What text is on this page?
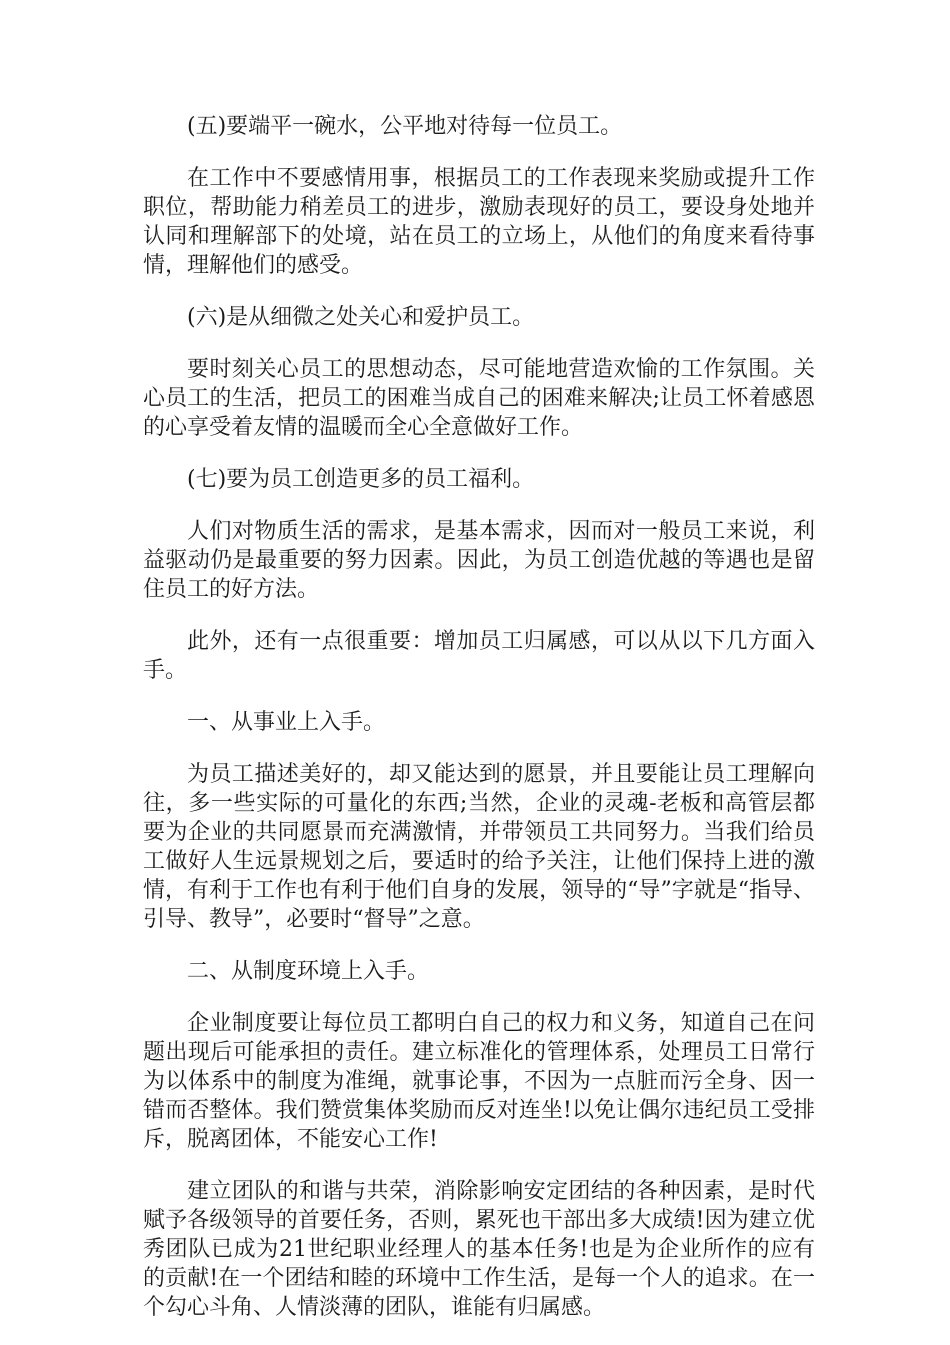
(五)要端平一碗水，公平地对待每一位员工。

在工作中不要感情用事，根据员工的工作表现来奖励或提升工作职位，帮助能力稍差员工的进步，激励表现好的员工，要设身处地并认同和理解部下的处境，站在员工的立场上，从他们的角度来看待事情，理解他们的感受。

(六)是从细微之处关心和爱护员工。

要时刻关心员工的思想动态，尽可能地营造欢愉的工作氛围。关心员工的生活，把员工的困难当成自己的困难来解决;让员工怀着感恩的心享受着友情的温暖而全心全意做好工作。

(七)要为员工创造更多的员工福利。

人们对物质生活的需求，是基本需求，因而对一般员工来说，利益驱动仍是最重要的努力因素。因此，为员工创造优越的等遇也是留住员工的好方法。

此外，还有一点很重要：增加员工归属感，可以从以下几方面入手。

一、从事业上入手。

为员工描述美好的，却又能达到的愿景，并且要能让员工理解向往，多一些实际的可量化的东西;当然，企业的灵魂-老板和高管层都要为企业的共同愿景而充满激情，并带领员工共同努力。当我们给员工做好人生远景规划之后，要适时的给予关注，让他们保持上进的激情，有利于工作也有利于他们自身的发展，领导的“导”字就是“指导、引导、教导”，必要时“督导”之意。

二、从制度环境上入手。

企业制度要让每位员工都明白自己的权力和义务，知道自己在问题出现后可能承担的责任。建立标准化的管理体系，处理员工日常行为以体系中的制度为准绳，就事论事，不因为一点脏而污全身、因一错而否整体。我们赞赏集体奖励而反对连坐!以免让偶尔违纪员工受排斥，脱离团体，不能安心工作!

建立团队的和谐与共荣，消除影响安定团结的各种因素，是时代赋予各级领导的首要任务，否则，累死也干部出多大成绩!因为建立优秀团队已成为21世纪职业经理人的基本任务!也是为企业所作的应有的贡献!在一个团结和睦的环境中工作生活，是每一个人的追求。在一个勾心斗角、人情淡薄的团队，谁能有归属感。
